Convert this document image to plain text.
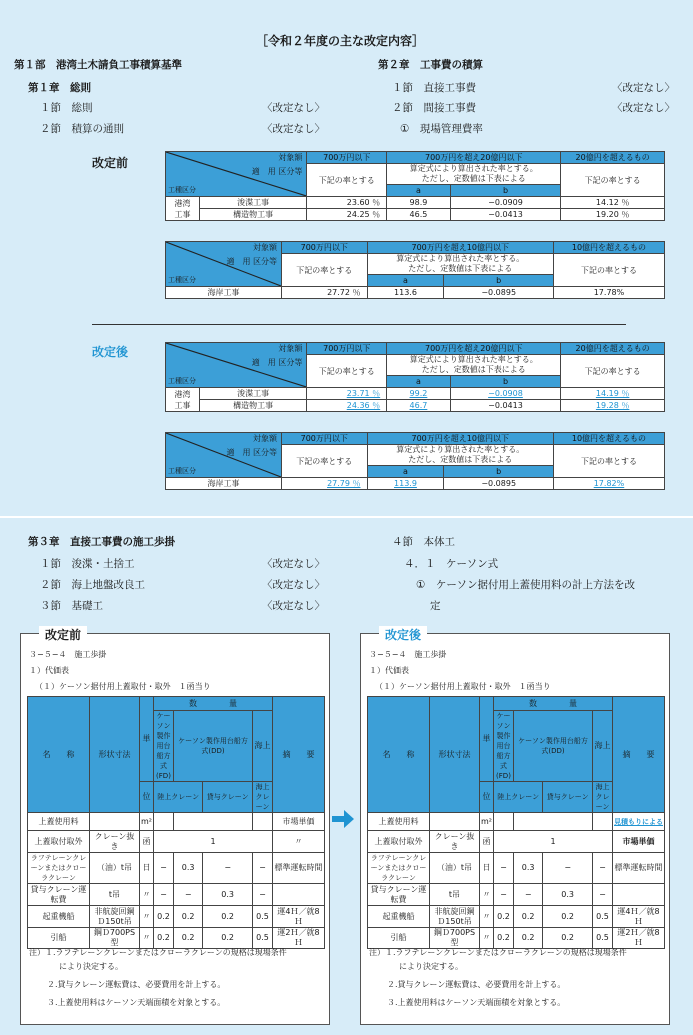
［令和２年度の主な改定内容］
第１部　港湾土木請負工事積算基準
第１章　総則
１節　総則	〈改定なし〉
２節　積算の通則	〈改定なし〉
第２章　工事費の積算
１節　直接工事費	〈改定なし〉
２節　間接工事費	〈改定なし〉
①　現場管理費率
改定前	対象額
適　用 区分等
工種区分		700万円以下	700万円を超え20億円以下		20億円を超えるもの
		下記の率とする	算定式により算出された率とする。
ただし、定数値は下表による		下記の率とする
			a	b	
港湾
工事	浚渫工事	23.60 ％	98.9	−0.0909	14.12 ％
	構造物工事	24.25 ％	46.5	−0.0413	19.20 ％
対象額
適　用 区分等
工種区分	700万円以下	700万円を超え10億円以下		10億円を超えるもの
	下記の率とする	算定式により算出された率とする。
ただし、定数値は下表による		下記の率とする
		a	b	
海岸工事	27.72 ％	113.6	−0.0895	17.78%
改定後	対象額
適　用 区分等
工種区分		700万円以下	700万円を超え20億円以下		20億円を超えるもの
		下記の率とする	算定式により算出された率とする。
ただし、定数値は下表による		下記の率とする
			a	b	
港湾
工事	浚渫工事	23.71 ％	99.2	−0.0908	14.19 ％
	構造物工事	24.36 ％	46.7	−0.0413	19.28 ％
対象額
適　用 区分等
工種区分	700万円以下	700万円を超え10億円以下		10億円を超えるもの
	下記の率とする	算定式により算出された率とする。
ただし、定数値は下表による		下記の率とする
		a	b	
海岸工事	27.79 ％	113.9	−0.0895	17.82%
第３章　直接工事費の施工歩掛
１節　浚渫・土捨工	〈改定なし〉
２節　海上地盤改良工	〈改定なし〉
３節　基礎工	〈改定なし〉
４節　本体工
４．１　ケーソン式
①　ケーソン据付用上蓋使用料の計上方法を改
定
改定前
３−５−４　施工歩掛
１）代価表
（１）ケーソン据付用上蓋取付・取外　１函当り
名　　称	形状寸法	単	数　　　　量				摘　　要
			ケーソン製作用台船方式(FD)	ケーソン製作用台船方式(DD)		海上	
		位	陸上クレーン		貸与クレーン	海上クレーン	
上蓋使用料		m²					市場単価
上蓋取付取外	クレーン抜き	函	1				〃
ラフテレーンクレーンまたはクローラクレーン	（油）t吊	日	−	0.3	−	−	標準運転時間
貸与クレーン運転費	t吊	〃	−	−	0.3	−	
起重機船	非航旋回鋼Ｄ150t吊	〃	0.2	0.2	0.2	0.5	運4Ｈ／就8Ｈ
引船	鋼Ｄ700PS型	〃	0.2	0.2	0.2	0.5	運2Ｈ／就8Ｈ
注）１.ラフテレーンクレーンまたはクローラクレーンの規格は現場条件
により決定する。
２.貸与クレーン運転費は、必要費用を計上する。
３.上蓋使用料はケーソン天端面積を対象とする。
改定後
３−５−４　施工歩掛
１）代価表
（１）ケーソン据付用上蓋取付・取外　１函当り
名　　称	形状寸法	単	数　　　　量				摘　　要
			ケーソン製作用台船方式(FD)	ケーソン製作用台船方式(DD)		海上	
		位	陸上クレーン		貸与クレーン	海上クレーン	
上蓋使用料		m²					見積もりによる
上蓋取付取外	クレーン抜き	函	1				市場単価
ラフテレーンクレーンまたはクローラクレーン	（油）t吊	日	−	0.3	−	−	標準運転時間
貸与クレーン運転費	t吊	〃	−	−	0.3	−	
起重機船	非航旋回鋼Ｄ150t吊	〃	0.2	0.2	0.2	0.5	運4Ｈ／就8Ｈ
引船	鋼Ｄ700PS型	〃	0.2	0.2	0.2	0.5	運2Ｈ／就8Ｈ
注）１.ラフテレーンクレーンまたはクローラクレーンの規格は現場条件
により決定する。
２.貸与クレーン運転費は、必要費用を計上する。
３.上蓋使用料はケーソン天端面積を対象とする。
